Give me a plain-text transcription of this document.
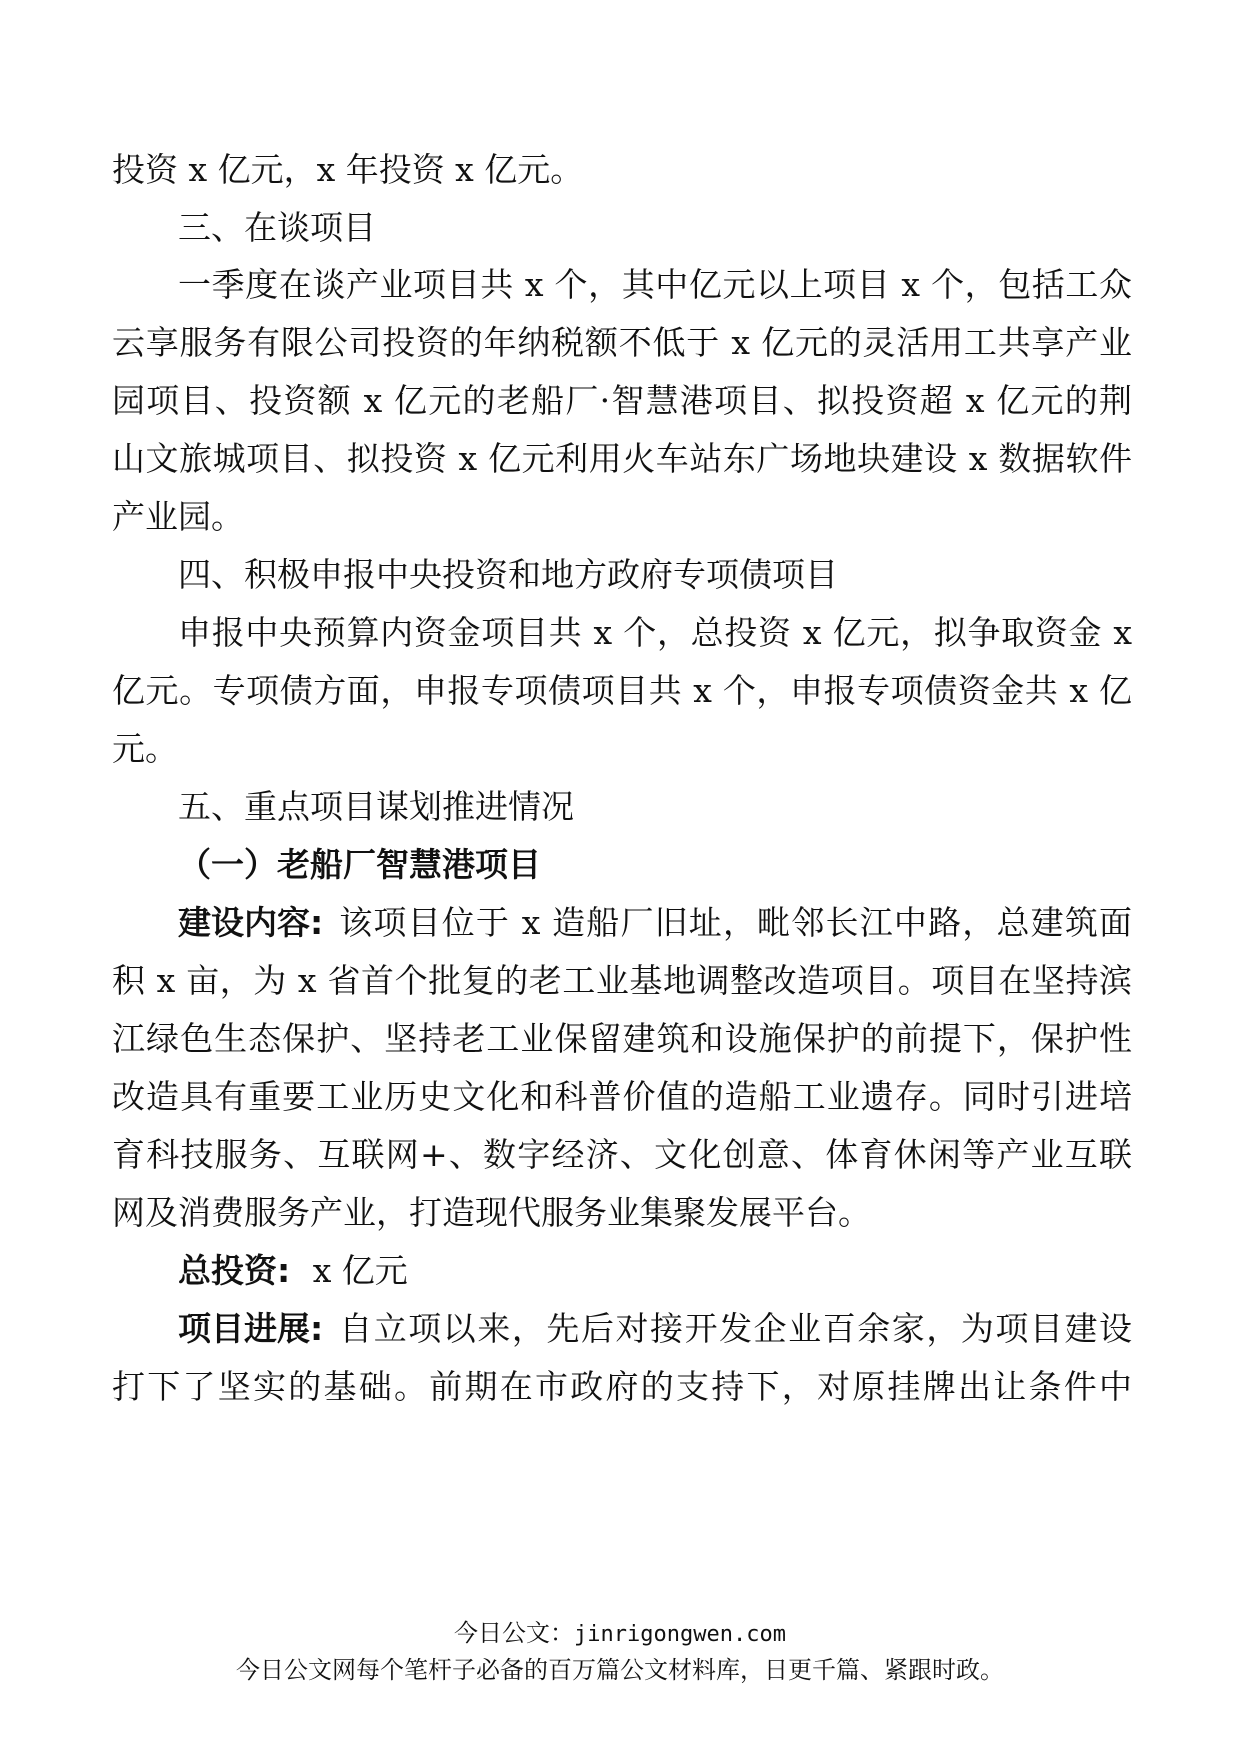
投资 x 亿元，x 年投资 x 亿元。
三、在谈项目
一季度在谈产业项目共 x 个，其中亿元以上项目 x 个，包括工众
云享服务有限公司投资的年纳税额不低于 x 亿元的灵活用工共享产业
园项目、投资额 x 亿元的老船厂·智慧港项目、拟投资超 x 亿元的荆
山文旅城项目、拟投资 x 亿元利用火车站东广场地块建设 x 数据软件
产业园。
四、积极申报中央投资和地方政府专项债项目
申报中央预算内资金项目共 x 个，总投资 x 亿元，拟争取资金 x
亿元。专项债方面，申报专项债项目共 x 个，申报专项债资金共 x 亿
元。
五、重点项目谋划推进情况
（一）老船厂智慧港项目
建设内容: 该项目位于 x 造船厂旧址，毗邻长江中路，总建筑面
积 x 亩，为 x 省首个批复的老工业基地调整改造项目。项目在坚持滨
江绿色生态保护、坚持老工业保留建筑和设施保护的前提下，保护性
改造具有重要工业历史文化和科普价值的造船工业遗存。同时引进培
育科技服务、互联网+、数字经济、文化创意、体育休闲等产业互联
网及消费服务产业，打造现代服务业集聚发展平台。
总投资: x 亿元
项目进展: 自立项以来，先后对接开发企业百余家，为项目建设
打下了坚实的基础。前期在市政府的支持下，对原挂牌出让条件中
今日公文：jinrigongwen.com
今日公文网每个笔杆子必备的百万篇公文材料库，日更千篇、紧跟时政。
